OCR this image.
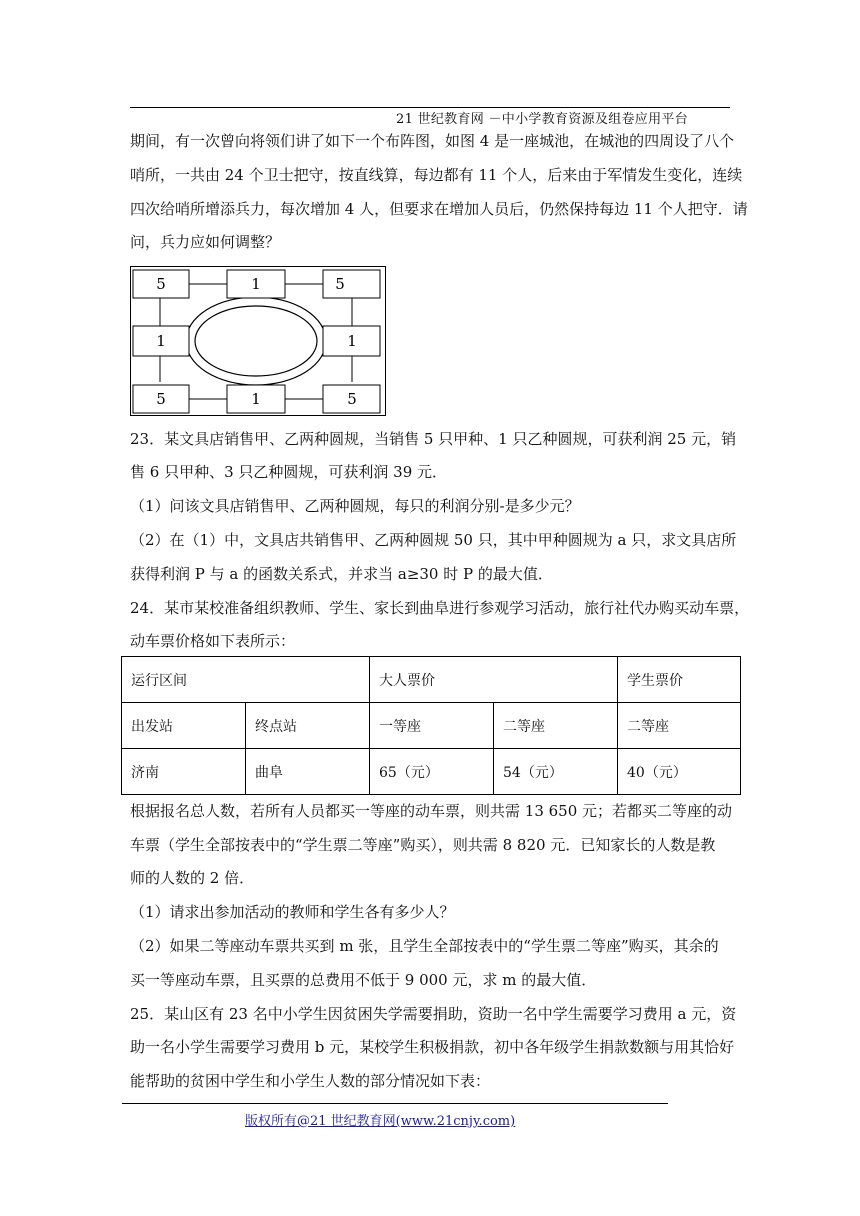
21 世纪教育网 －中小学教育资源及组卷应用平台
期间，有一次曾向将领们讲了如下一个布阵图，如图 4 是一座城池，在城池的四周设了八个
哨所，一共由 24 个卫士把守，按直线算，每边都有 11 个人，后来由于军情发生变化，连续
四次给哨所增添兵力，每次增加 4 人，但要求在增加人员后，仍然保持每边 11 个人把守．请
问，兵力应如何调整？
5	1	5
1	1
5	1	5
23．某文具店销售甲、乙两种圆规，当销售 5 只甲种、1 只乙种圆规，可获利润 25 元，销
售 6 只甲种、3 只乙种圆规，可获利润 39 元．
（1）问该文具店销售甲、乙两种圆规，每只的利润分别-是多少元？
（2）在（1）中，文具店共销售甲、乙两种圆规 50 只，其中甲种圆规为 a 只，求文具店所
获得利润 P 与 a 的函数关系式，并求当 a≥30 时 P 的最大值．
24．某市某校准备组织教师、学生、家长到曲阜进行参观学习活动，旅行社代办购买动车票，
动车票价格如下表所示：
运行区间		大人票价		学生票价
出发站	终点站	一等座	二等座	二等座
济南	曲阜	65（元）	54（元）	40（元）
根据报名总人数，若所有人员都买一等座的动车票，则共需 13 650 元；若都买二等座的动
车票（学生全部按表中的“学生票二等座”购买），则共需 8 820 元．已知家长的人数是教
师的人数的 2 倍．
（1）请求出参加活动的教师和学生各有多少人？
（2）如果二等座动车票共买到 m 张，且学生全部按表中的“学生票二等座”购买，其余的
买一等座动车票，且买票的总费用不低于 9 000 元，求 m 的最大值．
25．某山区有 23 名中小学生因贫困失学需要捐助，资助一名中学生需要学习费用 a 元，资
助一名小学生需要学习费用 b 元，某校学生积极捐款，初中各年级学生捐款数额与用其恰好
能帮助的贫困中学生和小学生人数的部分情况如下表：
版权所有@21 世纪教育网(www.21cnjy.com)
